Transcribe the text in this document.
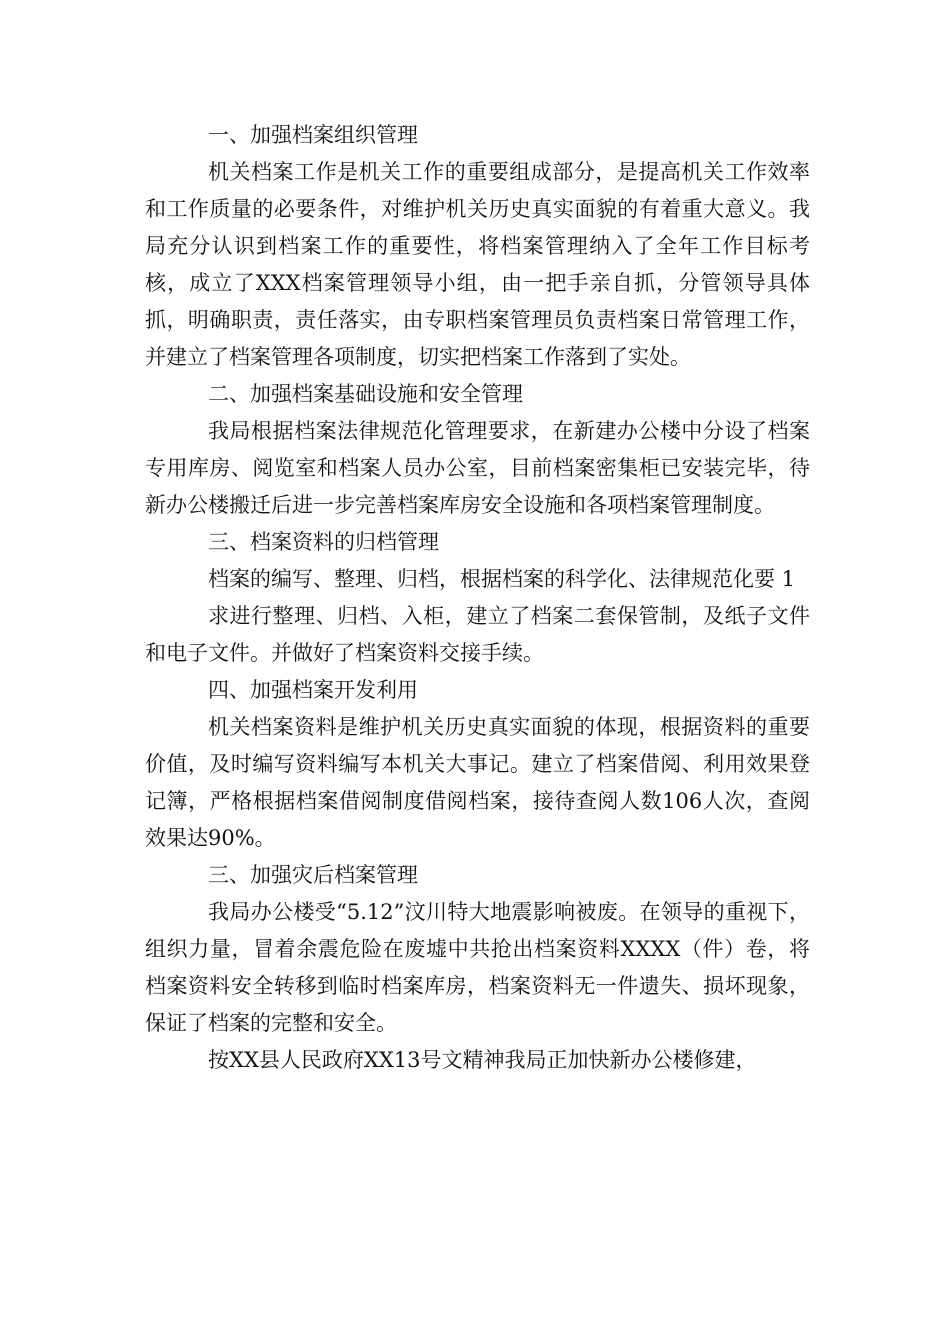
一、加强档案组织管理

机关档案工作是机关工作的重要组成部分，是提高机关工作效率和工作质量的必要条件，对维护机关历史真实面貌的有着重大意义。我局充分认识到档案工作的重要性，将档案管理纳入了全年工作目标考核，成立了XXX档案管理领导小组，由一把手亲自抓，分管领导具体抓，明确职责，责任落实，由专职档案管理员负责档案日常管理工作，并建立了档案管理各项制度，切实把档案工作落到了实处。

二、加强档案基础设施和安全管理

我局根据档案法律规范化管理要求，在新建办公楼中分设了档案专用库房、阅览室和档案人员办公室，目前档案密集柜已安装完毕，待新办公楼搬迁后进一步完善档案库房安全设施和各项档案管理制度。

三、档案资料的归档管理

档案的编写、整理、归档，根据档案的科学化、法律规范化要 1

求进行整理、归档、入柜，建立了档案二套保管制，及纸子文件和电子文件。并做好了档案资料交接手续。

四、加强档案开发利用

机关档案资料是维护机关历史真实面貌的体现，根据资料的重要价值，及时编写资料编写本机关大事记。建立了档案借阅、利用效果登记簿，严格根据档案借阅制度借阅档案，接待查阅人数106人次，查阅效果达90%。

三、加强灾后档案管理

我局办公楼受“5.12”汶川特大地震影响被废。在领导的重视下，组织力量，冒着余震危险在废墟中共抢出档案资料XXXX（件）卷，将档案资料安全转移到临时档案库房，档案资料无一件遗失、损坏现象，保证了档案的完整和安全。

按XX县人民政府XX13号文精神我局正加快新办公楼修建，
